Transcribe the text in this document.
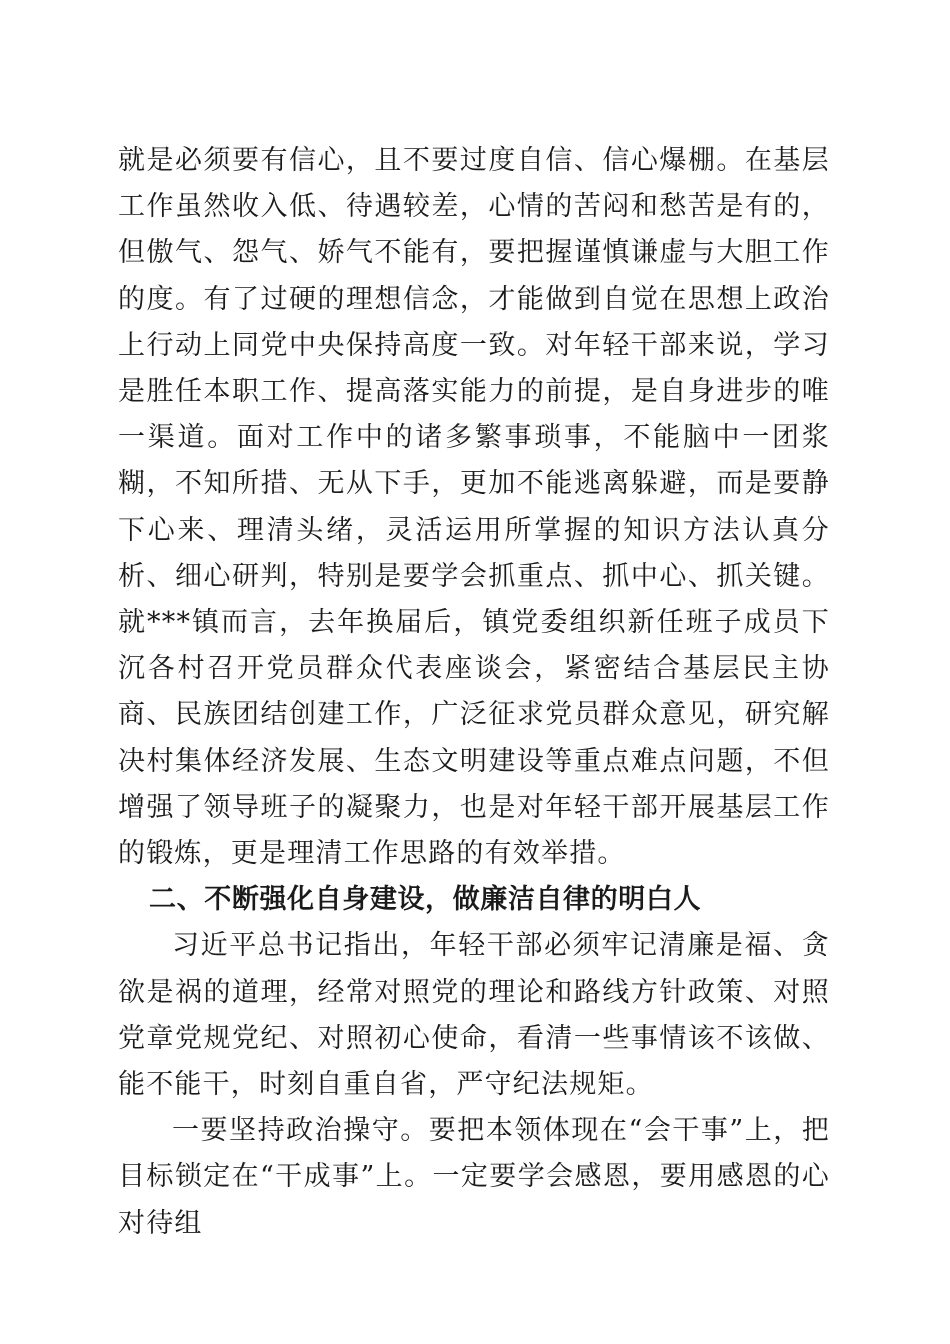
就是必须要有信心，且不要过度自信、信心爆棚。在基层工作虽然收入低、待遇较差，心情的苦闷和愁苦是有的，但傲气、怨气、娇气不能有，要把握谨慎谦虚与大胆工作的度。有了过硬的理想信念，才能做到自觉在思想上政治上行动上同党中央保持高度一致。对年轻干部来说，学习是胜任本职工作、提高落实能力的前提，是自身进步的唯一渠道。面对工作中的诸多繁事琐事，不能脑中一团浆糊，不知所措、无从下手，更加不能逃离躲避，而是要静下心来、理清头绪，灵活运用所掌握的知识方法认真分析、细心研判，特别是要学会抓重点、抓中心、抓关键。就***镇而言，去年换届后，镇党委组织新任班子成员下沉各村召开党员群众代表座谈会，紧密结合基层民主协商、民族团结创建工作，广泛征求党员群众意见，研究解决村集体经济发展、生态文明建设等重点难点问题，不但增强了领导班子的凝聚力，也是对年轻干部开展基层工作的锻炼，更是理清工作思路的有效举措。

二、不断强化自身建设，做廉洁自律的明白人

习近平总书记指出，年轻干部必须牢记清廉是福、贪欲是祸的道理，经常对照党的理论和路线方针政策、对照党章党规党纪、对照初心使命，看清一些事情该不该做、能不能干，时刻自重自省，严守纪法规矩。

一要坚持政治操守。要把本领体现在“会干事”上，把目标锁定在“干成事”上。一定要学会感恩，要用感恩的心对待组
